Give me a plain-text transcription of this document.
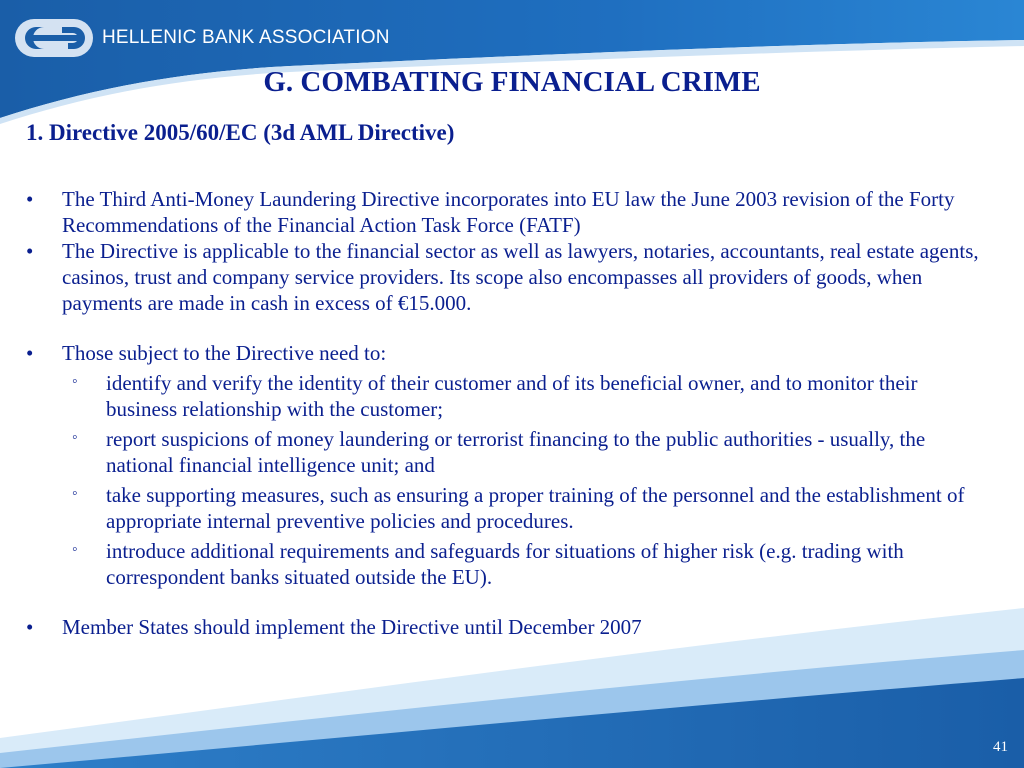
HELLENIC BANK ASSOCIATION
G. COMBATING FINANCIAL CRIME
1. Directive 2005/60/EC (3d AML Directive)
• The Third Anti-Money Laundering Directive incorporates into EU law the June 2003 revision of the Forty Recommendations of the Financial Action Task Force (FATF)
• The Directive is applicable to the financial sector as well as lawyers, notaries, accountants, real estate agents, casinos, trust and company service providers. Its scope also encompasses all providers of goods, when payments are made in cash in excess of €15.000.
• Those subject to the Directive need to:
◦ identify and verify the identity of their customer and of its beneficial owner, and to monitor their business relationship with the customer;
◦ report suspicions of money laundering or terrorist financing to the public authorities - usually, the national financial intelligence unit; and
◦ take supporting measures, such as ensuring a proper training of the personnel and the establishment of appropriate internal preventive policies and procedures.
◦ introduce additional requirements and safeguards for situations of higher risk (e.g. trading with correspondent banks situated outside the EU).
• Member States should implement the Directive until December 2007
41
